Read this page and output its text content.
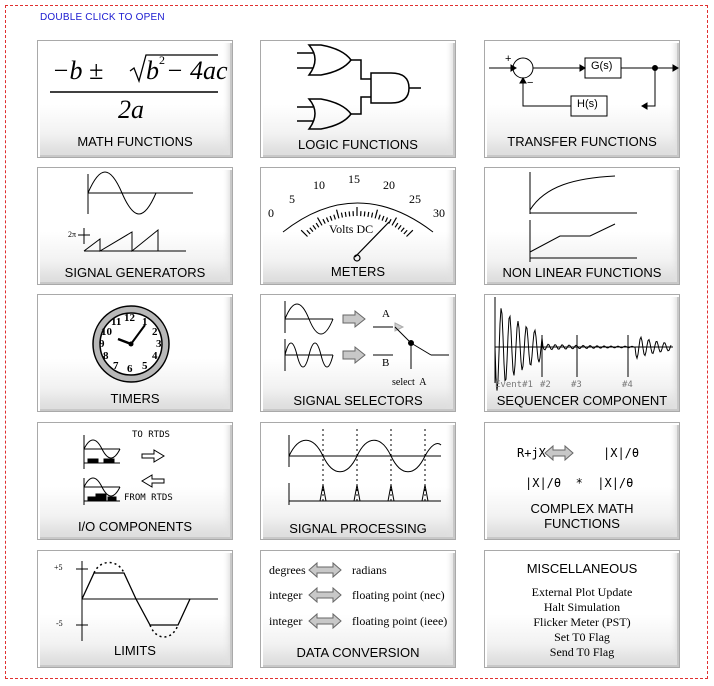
DOUBLE CLICK TO OPEN
−b ± b 2 − 4ac
2a
MATH FUNCTIONS	LOGIC FUNCTIONS
+
−
G(s)
H(s)
TRANSFER FUNCTIONS
2π
SIGNAL GENERATORS
0
5
10 15 20
25
30
Volts DC
METERS	NON LINEAR FUNCTIONS
12 1
2
3
4
5
6
7
8
9
10
11
TIMERS
A
B
select  A
SIGNAL SELECTORS
Event#1 #2 #3	#4
SEQUENCER COMPONENT
TO RTDS
FROM RTDS
I/O COMPONENTS	SIGNAL PROCESSING
R+jX	|X|/θ
|X|/θ  *  |X|/θ
COMPLEX MATH
FUNCTIONS
+5
-5
LIMITS
degrees	radians
integer	floating point (nec)
integer	floating point (ieee)
DATA CONVERSION
MISCELLANEOUS
External Plot Update
Halt Simulation
Flicker Meter (PST)
Set T0 Flag
Send T0 Flag
